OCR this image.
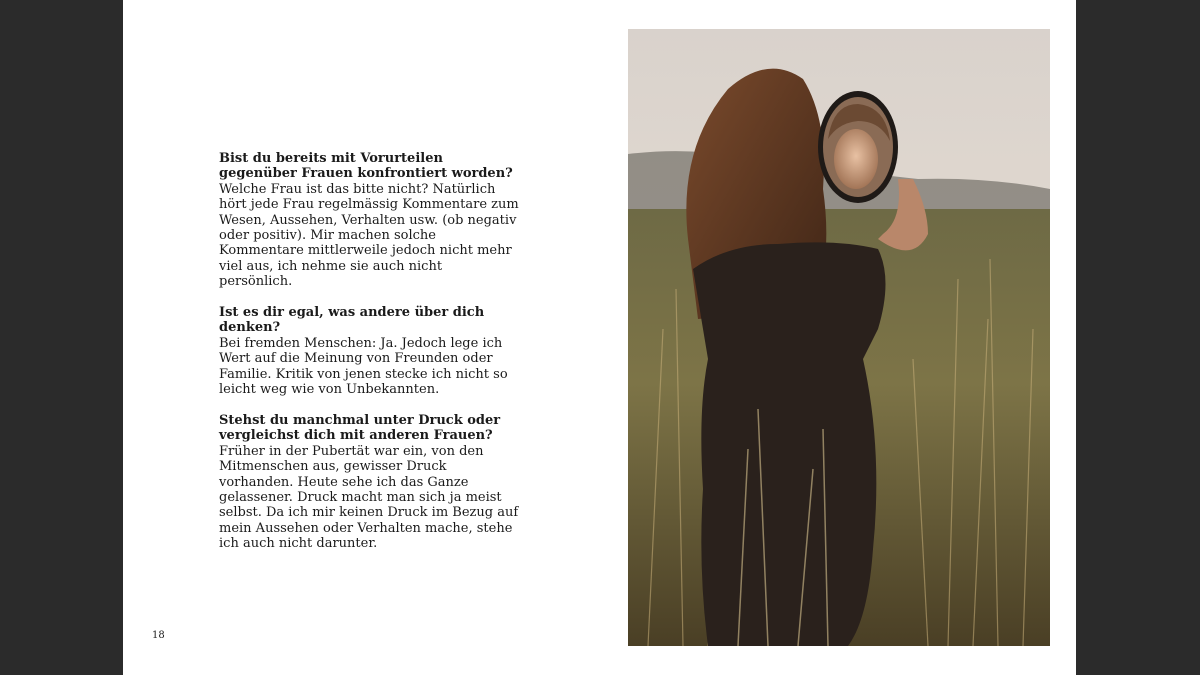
Bist du bereits mit Vorurteilen gegenüber Frauen konfrontiert worden?
Welche Frau ist das bitte nicht? Natürlich hört jede Frau regelmässig Kommentare zum Wesen, Aussehen, Verhalten usw. (ob negativ oder positiv). Mir machen solche Kommentare mittlerweile jedoch nicht mehr viel aus, ich nehme sie auch nicht persönlich.

Ist es dir egal, was andere über dich denken?
Bei fremden Menschen: Ja. Jedoch lege ich Wert auf die Meinung von Freunden oder Familie. Kritik von jenen stecke ich nicht so leicht weg wie von Unbekannten.

Stehst du manchmal unter Druck oder vergleichst dich mit anderen Frauen?
Früher in der Pubertät war ein, von den Mitmenschen aus, gewisser Druck vorhanden. Heute sehe ich das Ganze gelassener. Druck macht man sich ja meist selbst. Da ich mir keinen Druck im Bezug auf mein Aussehen oder Verhalten mache, stehe ich auch nicht darunter.

18
